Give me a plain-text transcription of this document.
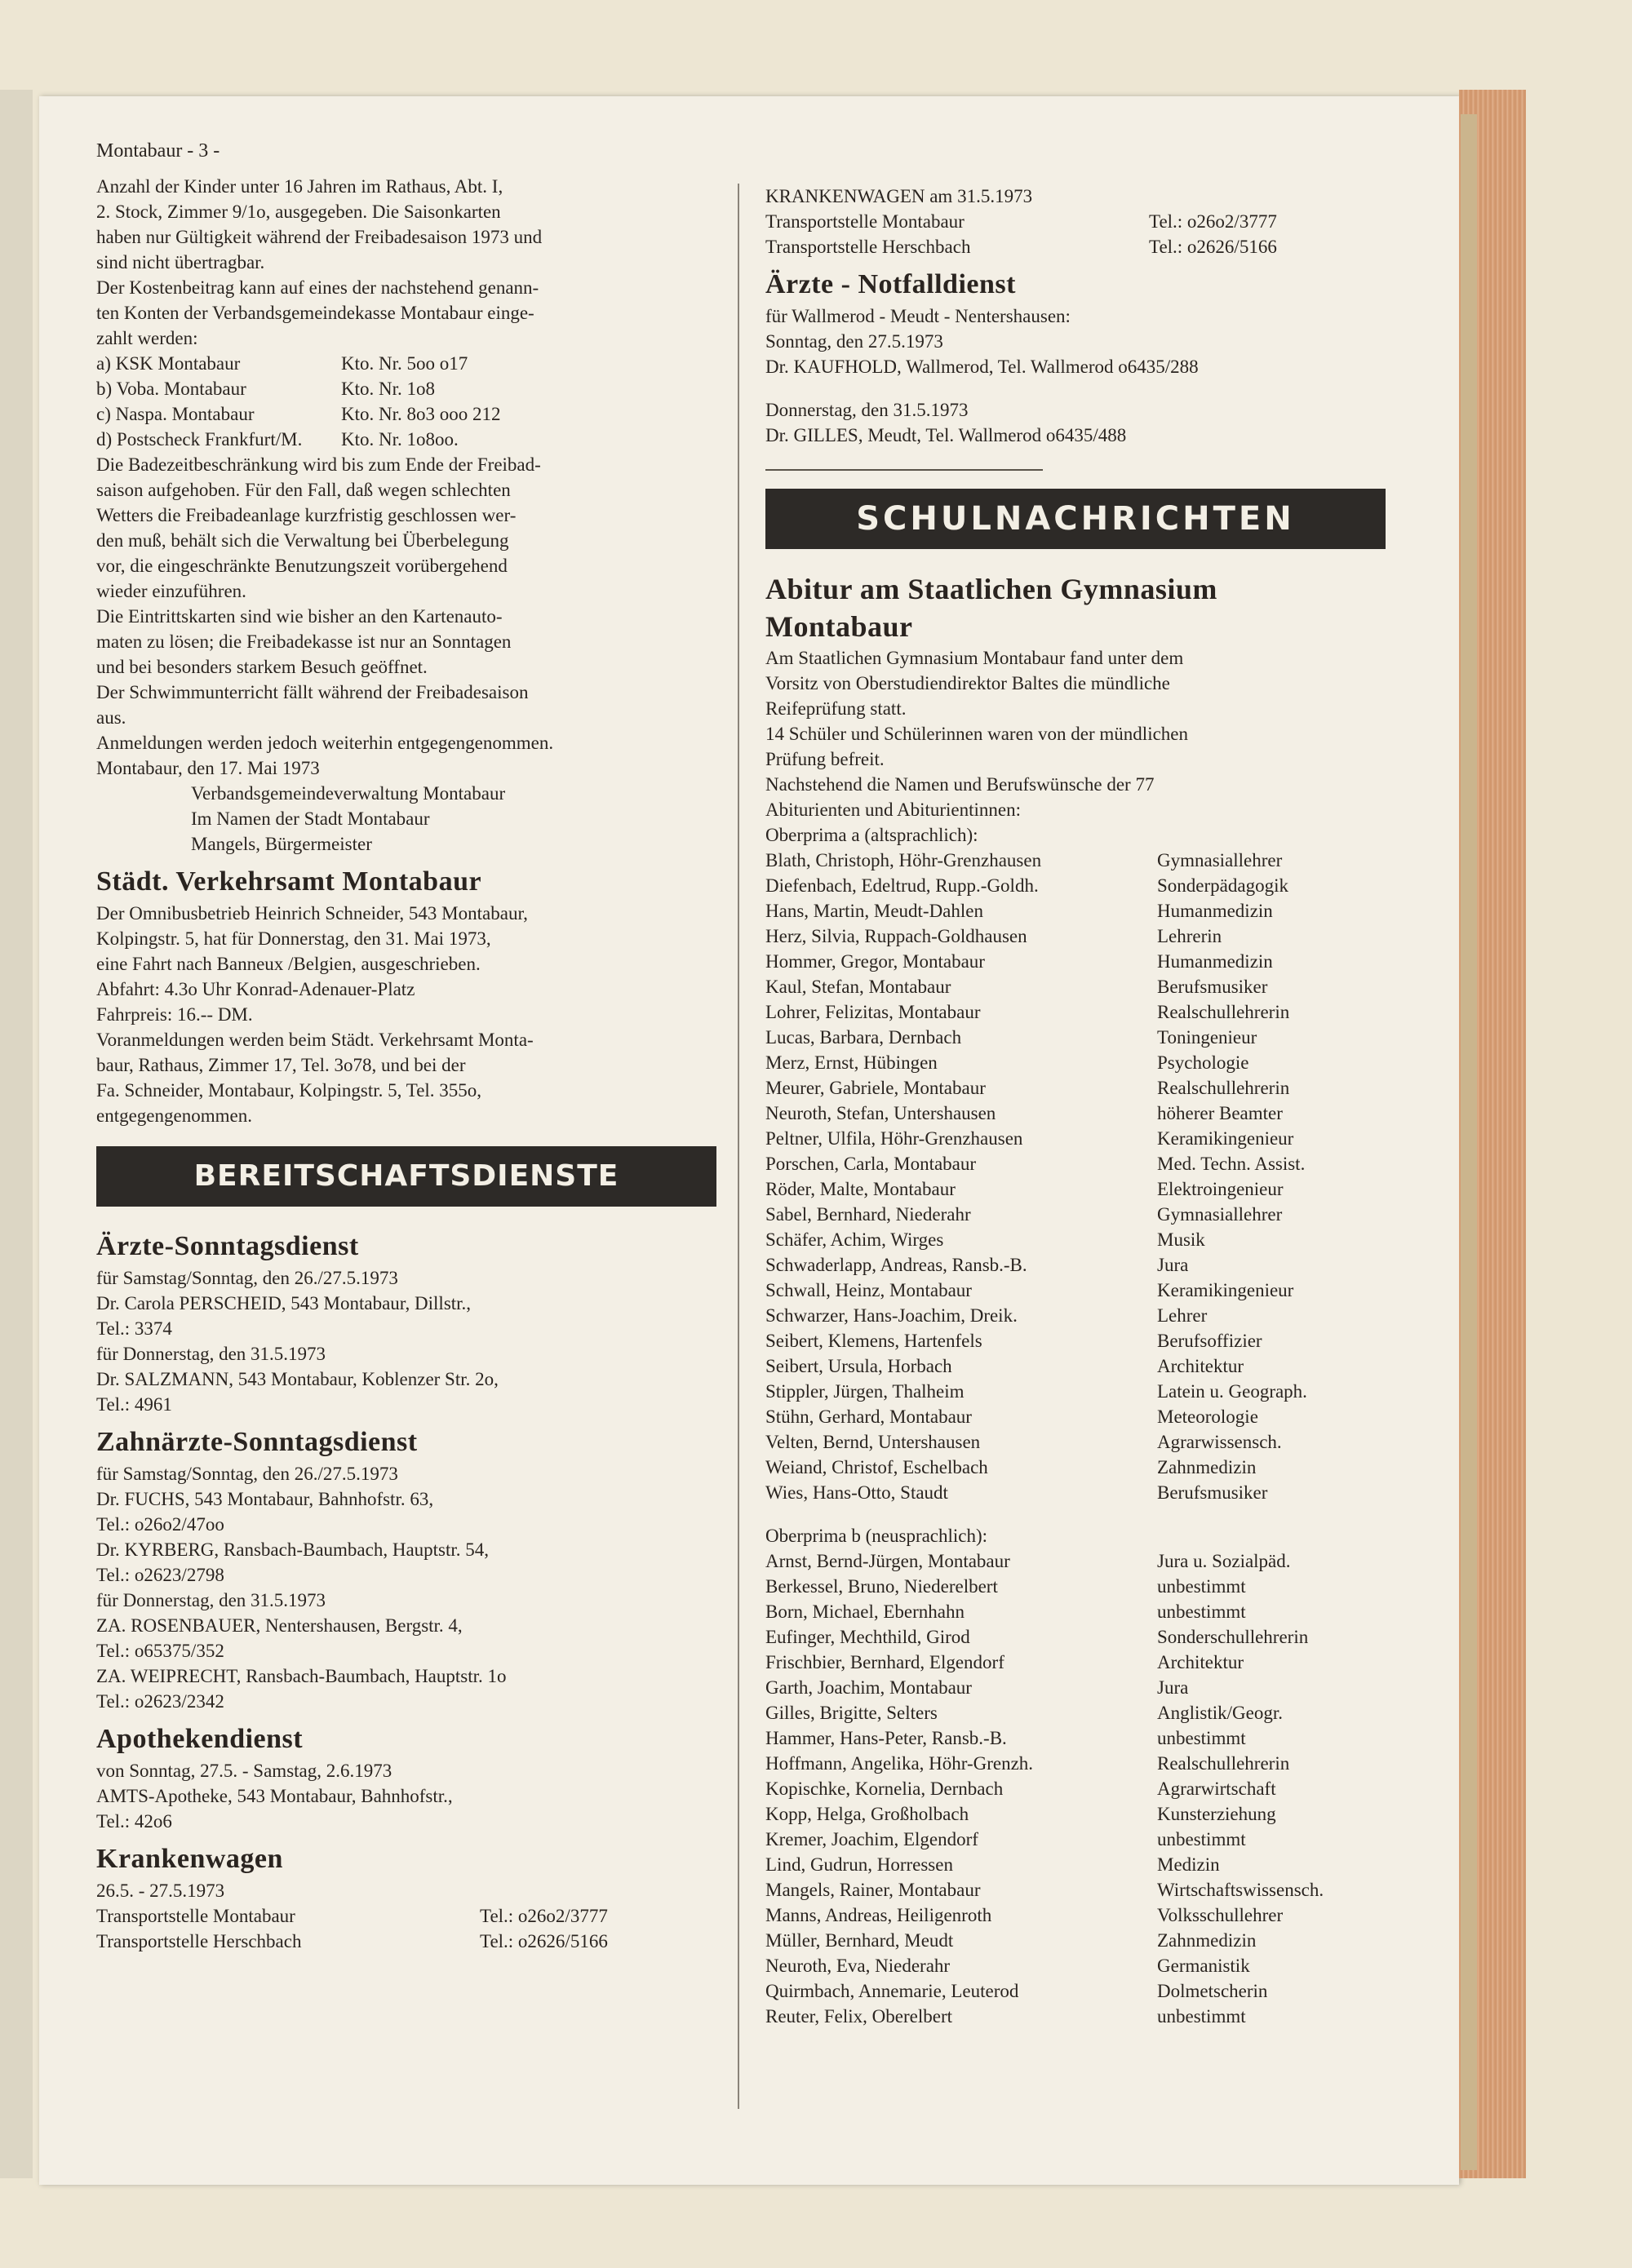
Montabaur - 3 -
Anzahl der Kinder unter 16 Jahren im Rathaus, Abt. I,
2. Stock, Zimmer 9/1o, ausgegeben. Die Saisonkarten
haben nur Gültigkeit während der Freibadesaison 1973 und
sind nicht übertragbar.
Der Kostenbeitrag kann auf eines der nachstehend genann-
ten Konten der Verbandsgemeindekasse Montabaur einge-
zahlt werden:
a) KSK Montabaur	Kto. Nr. 5oo o17
b) Voba. Montabaur	Kto. Nr. 1o8
c) Naspa. Montabaur	Kto. Nr. 8o3 ooo 212
d) Postscheck Frankfurt/M.	Kto. Nr. 1o8oo.
Die Badezeitbeschränkung wird bis zum Ende der Freibad-
saison aufgehoben. Für den Fall, daß wegen schlechten
Wetters die Freibadeanlage kurzfristig geschlossen wer-
den muß, behält sich die Verwaltung bei Überbelegung
vor, die eingeschränkte Benutzungszeit vorübergehend
wieder einzuführen.
Die Eintrittskarten sind wie bisher an den Kartenauto-
maten zu lösen; die Freibadekasse ist nur an Sonntagen
und bei besonders starkem Besuch geöffnet.
Der Schwimmunterricht fällt während der Freibadesaison
aus.
Anmeldungen werden jedoch weiterhin entgegengenommen.
Montabaur, den 17. Mai 1973
Verbandsgemeindeverwaltung Montabaur
Im Namen der Stadt Montabaur
Mangels, Bürgermeister
Städt. Verkehrsamt Montabaur
Der Omnibusbetrieb Heinrich Schneider, 543 Montabaur,
Kolpingstr. 5, hat für Donnerstag, den 31. Mai 1973,
eine Fahrt nach Banneux /Belgien, ausgeschrieben.
Abfahrt: 4.3o Uhr Konrad-Adenauer-Platz
Fahrpreis: 16.-- DM.
Voranmeldungen werden beim Städt. Verkehrsamt Monta-
baur, Rathaus, Zimmer 17, Tel. 3o78, und bei der
Fa. Schneider, Montabaur, Kolpingstr. 5, Tel. 355o,
entgegengenommen.
BEREITSCHAFTSDIENSTE
Ärzte-Sonntagsdienst
für Samstag/Sonntag, den 26./27.5.1973
Dr. Carola PERSCHEID, 543 Montabaur, Dillstr.,
Tel.: 3374
für Donnerstag, den 31.5.1973
Dr. SALZMANN, 543 Montabaur, Koblenzer Str. 2o,
Tel.: 4961
Zahnärzte-Sonntagsdienst
für Samstag/Sonntag, den 26./27.5.1973
Dr. FUCHS, 543 Montabaur, Bahnhofstr. 63,
Tel.: o26o2/47oo
Dr. KYRBERG, Ransbach-Baumbach, Hauptstr. 54,
Tel.: o2623/2798
für Donnerstag, den 31.5.1973
ZA. ROSENBAUER, Nentershausen, Bergstr. 4,
Tel.: o65375/352
ZA. WEIPRECHT, Ransbach-Baumbach, Hauptstr. 1o
Tel.: o2623/2342
Apothekendienst
von Sonntag, 27.5. - Samstag, 2.6.1973
AMTS-Apotheke, 543 Montabaur, Bahnhofstr.,
Tel.: 42o6
Krankenwagen
26.5. - 27.5.1973
Transportstelle Montabaur	Tel.: o26o2/3777
Transportstelle Herschbach	Tel.: o2626/5166
KRANKENWAGEN am 31.5.1973
Transportstelle Montabaur	Tel.: o26o2/3777
Transportstelle Herschbach	Tel.: o2626/5166
Ärzte - Notfalldienst
für Wallmerod - Meudt - Nentershausen:
Sonntag, den 27.5.1973
Dr. KAUFHOLD, Wallmerod, Tel. Wallmerod o6435/288
Donnerstag, den 31.5.1973
Dr. GILLES, Meudt, Tel. Wallmerod o6435/488
SCHULNACHRICHTEN
Abitur am Staatlichen Gymnasium
Montabaur
Am Staatlichen Gymnasium Montabaur fand unter dem
Vorsitz von Oberstudiendirektor Baltes die mündliche
Reifeprüfung statt.
14 Schüler und Schülerinnen waren von der mündlichen
Prüfung befreit.
Nachstehend die Namen und Berufswünsche der 77
Abiturienten und Abiturientinnen:
Oberprima a (altsprachlich):
Blath, Christoph, Höhr-Grenzhausen	Gymnasiallehrer
Diefenbach, Edeltrud, Rupp.-Goldh.	Sonderpädagogik
Hans, Martin, Meudt-Dahlen	Humanmedizin
Herz, Silvia, Ruppach-Goldhausen	Lehrerin
Hommer, Gregor, Montabaur	Humanmedizin
Kaul, Stefan, Montabaur	Berufsmusiker
Lohrer, Felizitas, Montabaur	Realschullehrerin
Lucas, Barbara, Dernbach	Toningenieur
Merz, Ernst, Hübingen	Psychologie
Meurer, Gabriele, Montabaur	Realschullehrerin
Neuroth, Stefan, Untershausen	höherer Beamter
Peltner, Ulfila, Höhr-Grenzhausen	Keramikingenieur
Porschen, Carla, Montabaur	Med. Techn. Assist.
Röder, Malte, Montabaur	Elektroingenieur
Sabel, Bernhard, Niederahr	Gymnasiallehrer
Schäfer, Achim, Wirges	Musik
Schwaderlapp, Andreas, Ransb.-B.	Jura
Schwall, Heinz, Montabaur	Keramikingenieur
Schwarzer, Hans-Joachim, Dreik.	Lehrer
Seibert, Klemens, Hartenfels	Berufsoffizier
Seibert, Ursula, Horbach	Architektur
Stippler, Jürgen, Thalheim	Latein u. Geograph.
Stühn, Gerhard, Montabaur	Meteorologie
Velten, Bernd, Untershausen	Agrarwissensch.
Weiand, Christof, Eschelbach	Zahnmedizin
Wies, Hans-Otto, Staudt	Berufsmusiker
Oberprima b (neusprachlich):
Arnst, Bernd-Jürgen, Montabaur	Jura u. Sozialpäd.
Berkessel, Bruno, Niederelbert	unbestimmt
Born, Michael, Ebernhahn	unbestimmt
Eufinger, Mechthild, Girod	Sonderschullehrerin
Frischbier, Bernhard, Elgendorf	Architektur
Garth, Joachim, Montabaur	Jura
Gilles, Brigitte, Selters	Anglistik/Geogr.
Hammer, Hans-Peter, Ransb.-B.	unbestimmt
Hoffmann, Angelika, Höhr-Grenzh.	Realschullehrerin
Kopischke, Kornelia, Dernbach	Agrarwirtschaft
Kopp, Helga, Großholbach	Kunsterziehung
Kremer, Joachim, Elgendorf	unbestimmt
Lind, Gudrun, Horressen	Medizin
Mangels, Rainer, Montabaur	Wirtschaftswissensch.
Manns, Andreas, Heiligenroth	Volksschullehrer
Müller, Bernhard, Meudt	Zahnmedizin
Neuroth, Eva, Niederahr	Germanistik
Quirmbach, Annemarie, Leuterod	Dolmetscherin
Reuter, Felix, Oberelbert	unbestimmt
